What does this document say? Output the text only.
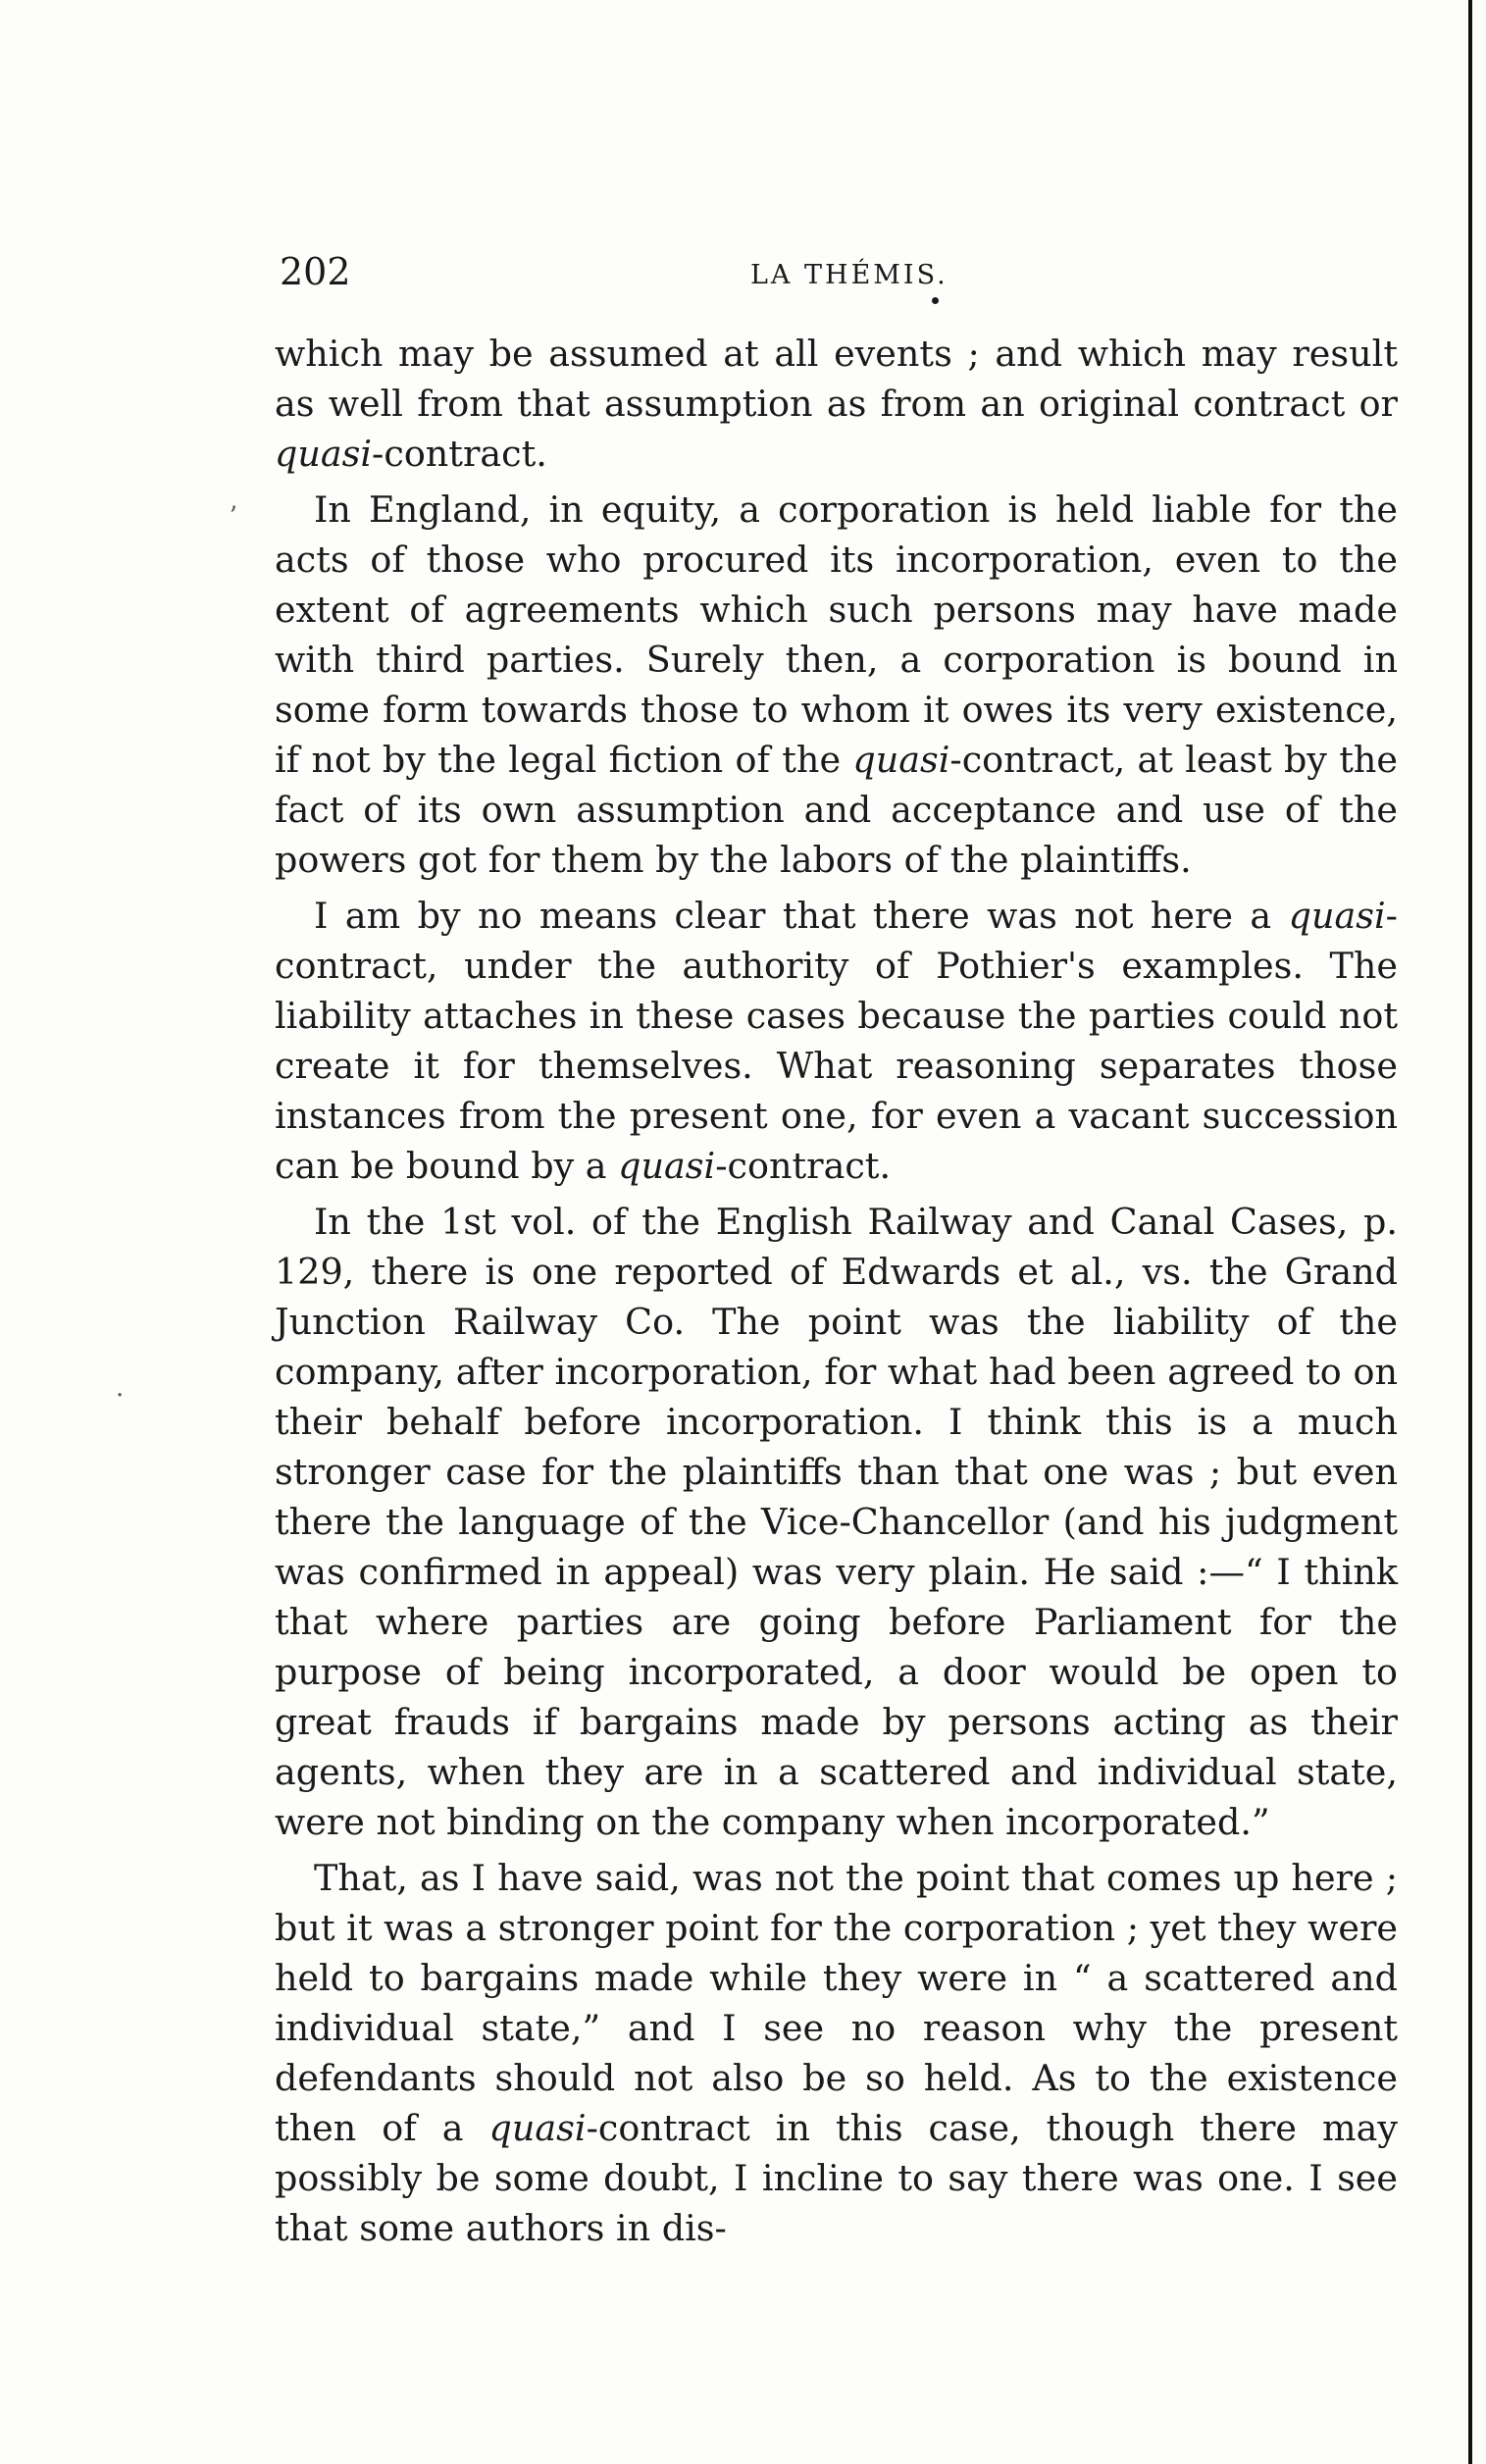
ʼ
·
202	LA THÉMIS.

which may be assumed at all events ; and which may result as well from that assumption as from an original contract or quasi-contract.

In England, in equity, a corporation is held liable for the acts of those who procured its incorporation, even to the extent of agreements which such persons may have made with third parties. Surely then, a corporation is bound in some form towards those to whom it owes its very existence, if not by the legal fiction of the quasi-contract, at least by the fact of its own assumption and acceptance and use of the powers got for them by the labors of the plaintiffs.

I am by no means clear that there was not here a quasi-contract, under the authority of Pothier's examples. The liability attaches in these cases because the parties could not create it for themselves. What reasoning separates those instances from the present one, for even a vacant succession can be bound by a quasi-contract.

In the 1st vol. of the English Railway and Canal Cases, p. 129, there is one reported of Edwards et al., vs. the Grand Junction Railway Co. The point was the liability of the company, after incorporation, for what had been agreed to on their behalf before incorporation. I think this is a much stronger case for the plaintiffs than that one was ; but even there the language of the Vice-Chancellor (and his judgment was confirmed in appeal) was very plain. He said :—“ I think that where parties are going before Parliament for the purpose of being incorporated, a door would be open to great frauds if bargains made by persons acting as their agents, when they are in a scattered and individual state, were not binding on the company when incorporated.”

That, as I have said, was not the point that comes up here ; but it was a stronger point for the corporation ; yet they were held to bargains made while they were in “ a scattered and individual state,” and I see no reason why the present defendants should not also be so held. As to the existence then of a quasi-contract in this case, though there may possibly be some doubt, I incline to say there was one. I see that some authors in dis-
